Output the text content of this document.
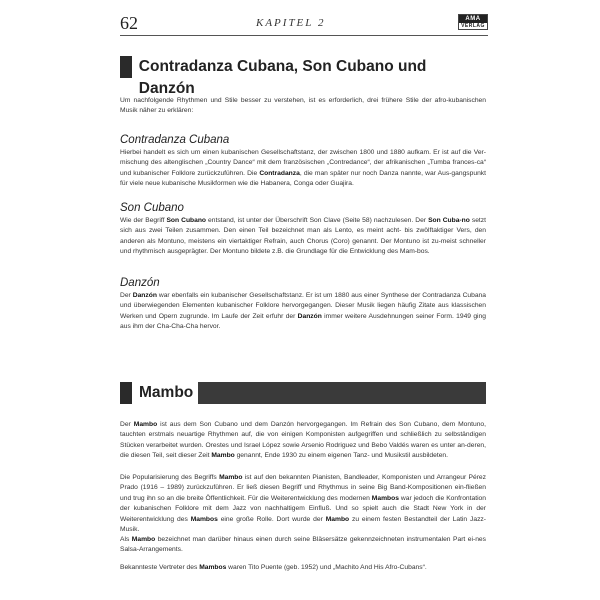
62	KAPITEL 2	AMA
VERLAG
Contradanza Cubana, Son Cubano und Danzón

Um nachfolgende Rhythmen und Stile besser zu verstehen, ist es erforderlich, drei frühere Stile der afro-kubanischen Musik näher zu erklären:

Contradanza Cubana

Hierbei handelt es sich um einen kubanischen Gesellschaftstanz, der zwischen 1800 und 1880 aufkam. Er ist auf die Ver-mischung des altenglischen „Country Dance“ mit dem französischen „Contredance“, der afrikanischen „Tumba frances-ca“ und kubanischer Folklore zurückzuführen. Die Contradanza, die man später nur noch Danza nannte, war Aus-gangspunkt für viele neue kubanische Musikformen wie die Habanera, Conga oder Guajira.

Son Cubano

Wie der Begriff Son Cubano entstand, ist unter der Überschrift Son Clave (Seite 58) nachzulesen. Der Son Cuba-no setzt sich aus zwei Teilen zusammen. Den einen Teil bezeichnet man als Lento, es meint acht- bis zwölftaktiger Vers, den anderen als Montuno, meistens ein viertaktiger Refrain, auch Chorus (Coro) genannt. Der Montuno ist zu-meist schneller und rhythmisch ausgeprägter. Der Montuno bildete z.B. die Grundlage für die Entwicklung des Mam-bos.

Danzón

Der Danzón war ebenfalls ein kubanischer Gesellschaftstanz. Er ist um 1880 aus einer Synthese der Contradanza Cubana und überwiegenden Elementen kubanischer Folklore hervorgegangen. Dieser Musik liegen häufig Zitate aus klassischen Werken und Opern zugrunde. Im Laufe der Zeit erfuhr der Danzón immer weitere Ausdehnungen seiner Form. 1949 ging aus ihm der Cha-Cha-Cha hervor.

Mambo

Der Mambo ist aus dem Son Cubano und dem Danzón hervorgegangen. Im Refrain des Son Cubano, dem Montuno, tauchten erstmals neuartige Rhythmen auf, die von einigen Komponisten aufgegriffen und schließlich zu selbständigen Stücken verarbeitet wurden. Orestes und Israel López sowie Arsenio Rodriguez und Bebo Valdés waren es unter an-deren, die diesen Teil, seit dieser Zeit Mambo genannt, Ende 1930 zu einem eigenen Tanz- und Musikstil ausbildeten.

Die Popularisierung des Begriffs Mambo ist auf den bekannten Pianisten, Bandleader, Komponisten und Arrangeur Pérez Prado (1916 – 1989) zurückzuführen. Er ließ diesen Begriff und Rhythmus in seine Big Band-Kompositionen ein-fließen und trug ihn so an die breite Öffentlichkeit. Für die Weiterentwicklung des modernen Mambos war jedoch die Konfrontation der kubanischen Folklore mit dem Jazz von nachhaltigem Einfluß. Und so spielt auch die Stadt New York in der Weiterentwicklung des Mambos eine große Rolle. Dort wurde der Mambo zu einem festen Bestandteil der Latin Jazz-Musik.

Als Mambo bezeichnet man darüber hinaus einen durch seine Bläsersätze gekennzeichneten instrumentalen Part ei-nes Salsa-Arrangements.

Bekannteste Vertreter des Mambos waren Tito Puente (geb. 1952) und „Machito And His Afro-Cubans“.
